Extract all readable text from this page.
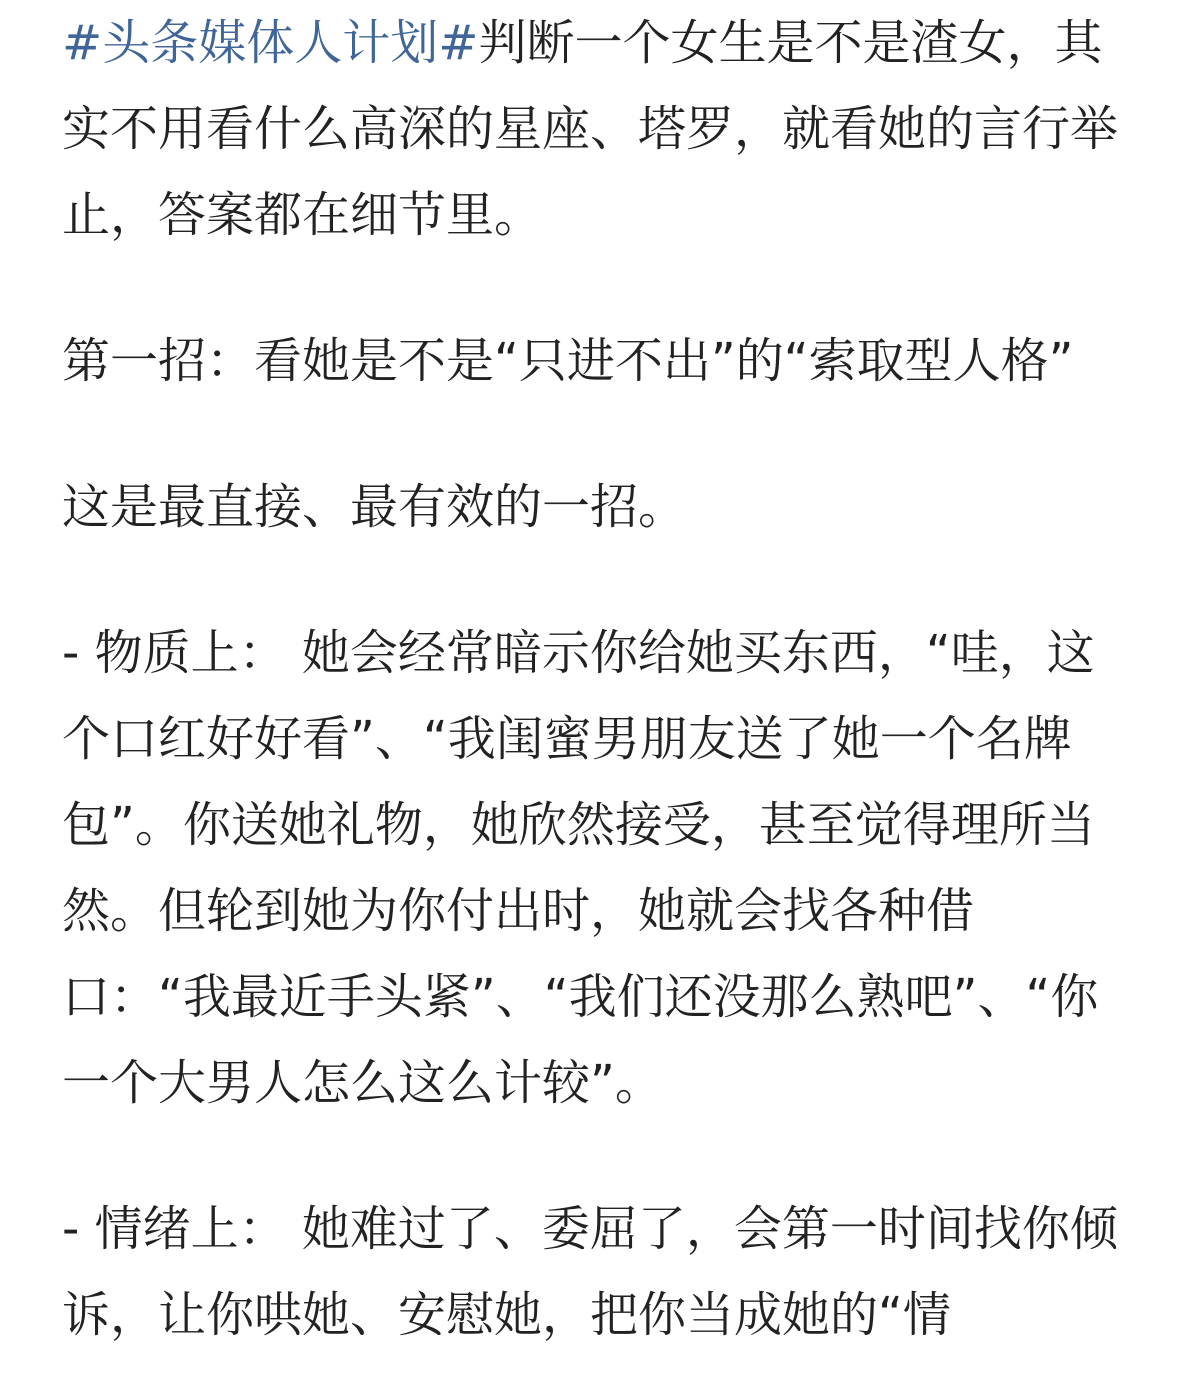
#头条媒体人计划#判断一个女生是不是渣女，其实不用看什么高深的星座、塔罗，就看她的言行举止，答案都在细节里。

第一招：看她是不是“只进不出”的“索取型人格”

这是最直接、最有效的一招。

- 物质上： 她会经常暗示你给她买东西，“哇，这个口红好好看”、“我闺蜜男朋友送了她一个名牌包”。你送她礼物，她欣然接受，甚至觉得理所当然。但轮到她为你付出时，她就会找各种借口：“我最近手头紧”、“我们还没那么熟吧”、“你一个大男人怎么这么计较”。

- 情绪上： 她难过了、委屈了，会第一时间找你倾诉，让你哄她、安慰她，把你当成她的“情
